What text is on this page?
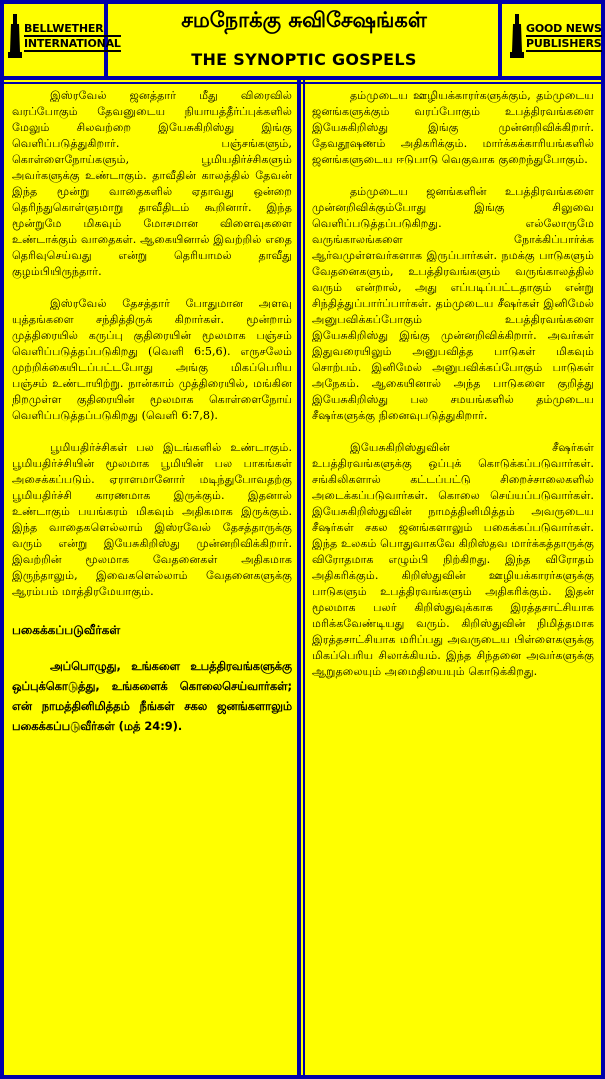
BELLWETHER
INTERNATIONAL
சமநோக்கு சுவிசேஷங்கள்
THE SYNOPTIC GOSPELS
GOOD NEWS
PUBLISHERS

இஸ்ரவேல் ஜனத்தார் மீது விரைவில் வரப்போகும் தேவனுடைய நியாயத்தீர்ப்புக்களில் மேலும் சிலவற்றை இயேசுகிறிஸ்து இங்கு வெளிப்படுத்துகிறார். பஞ்சங்களும், கொள்ளைநோய்களும், பூமியதிர்ச்சிகளும் அவர்களுக்கு உண்டாகும். தாவீதின் காலத்தில் தேவன் இந்த மூன்று வாதைகளில் ஏதாவது ஒன்றை தெரிந்துகொள்ளுமாறு தாவீதிடம் கூறினார். இந்த மூன்றுமே மிகவும் மோசமான விளைவுகளை உண்டாக்கும் வாதைகள். ஆகையினால் இவற்றில் எதை தெரிவுசெய்வது என்று தெரியாமல் தாவீது குழம்பியிருந்தார்.

இஸ்ரவேல் தேசத்தார் போதுமான அளவு யுத்தங்களை சந்தித்திருக் கிறார்கள். மூன்றாம் முத்திரையில் கருப்பு குதிரையின் மூலமாக பஞ்சம் வெளிப்படுத்தப்படுகிறது (வெளி 6:5,6). எருசலேம் முற்றிக்கையிடப்பட்டபோது அங்கு மிகப்பெரிய பஞ்சம் உண்டாயிற்று. நான்காம் முத்திரையில், மங்கின நிறமுள்ள குதிரையின் மூலமாக கொள்ளைநோய் வெளிப்படுத்தப்படுகிறது (வெளி 6:7,8).

பூமியதிர்ச்சிகள் பல இடங்களில் உண்டாகும். பூமியதிர்ச்சியின் மூலமாக பூமியின் பல பாகங்கள் அசைக்கப்படும். ஏராளமானோர் மடிந்துபோவதற்கு பூமியதிர்ச்சி காரணமாக இருக்கும். இதனால் உண்டாகும் பயங்கரம் மிகவும் அதிகமாக இருக்கும். இந்த வாதைகளெல்லாம் இஸ்ரவேல் தேசத்தாருக்கு வரும் என்று இயேசுகிறிஸ்து முன்னறிவிக்கிறார். இவற்றின் மூலமாக வேதனைகள் அதிகமாக இருந்தாலும், இவைகளெல்லாம் வேதனைகளுக்கு ஆரம்பம் மாத்திரமேயாகும்.

பகைக்கப்படுவீர்கள்
அப்பொழுது, உங்களை உபத்திரவங்களுக்கு ஒப்புக்கொடுத்து, உங்களைக் கொலைசெய்வார்கள்; என் நாமத்தினிமித்தம் நீங்கள் சகல ஜனங்களாலும் பகைக்கப்படுவீர்கள் (மத் 24:9).

தம்முடைய ஊழியக்காரர்களுக்கும், தம்முடைய ஜனங்களுக்கும் வரப்போகும் உபத்திரவங்களை இயேசுகிறிஸ்து இங்கு முன்னறிவிக்கிறார். தேவதூஷணம் அதிகரிக்கும். மார்க்கக்காரியங்களில் ஜனங்களுடைய ஈடுபாடு வெகுவாக குறைந்துபோகும்.

தம்முடைய ஜனங்களின் உபத்திரவங்களை முன்னறிவிக்கும்போது இங்கு சிலுவை வெளிப்படுத்தப்படுகிறது. எல்லோருமே வருங்காலங்களை நோக்கிப்பார்க்க ஆர்வமுள்ளவர்களாக இருப்பார்கள். நமக்கு பாடுகளும் வேதனைகளும், உபத்திரவங்களும் வருங்காலத்தில் வரும் என்றால், அது எப்படிப்பட்டதாகும் என்று சிந்தித்துப்பார்ப்பார்கள். தம்முடைய சீஷர்கள் இனிமேல் அனுபவிக்கப்போகும் உபத்திரவங்களை இயேசுகிறிஸ்து இங்கு முன்னறிவிக்கிறார். அவர்கள் இதுவரையிலும் அனுபவித்த பாடுகள் மிகவும் சொற்பம். இனிமேல் அனுபவிக்கப்போகும் பாடுகள் அநேகம். ஆகையினால் அந்த பாடுகளை குறித்து இயேசுகிறிஸ்து பல சமயங்களில் தம்முடைய சீஷர்களுக்கு நினைவுபடுத்துகிறார்.

இயேசுகிறிஸ்துவின் சீஷர்கள் உபத்திரவங்களுக்கு ஒப்புக் கொடுக்கப்படுவார்கள். சங்கிலிகளால் கட்டப்பட்டு சிறைச்சாலைகளில் அடைக்கப்படுவார்கள். கொலை செய்யப்படுவார்கள். இயேசுகிறிஸ்துவின் நாமத்தினிமித்தம் அவருடைய சீஷர்கள் சகல ஜனங்களாலும் பகைக்கப்படுவார்கள். இந்த உலகம் பொதுவாகவே கிறிஸ்தவ மார்க்கத்தாருக்கு விரோதமாக எழும்பி நிற்கிறது. இந்த விரோதம் அதிகரிக்கும். கிறிஸ்துவின் ஊழியக்காரர்களுக்கு பாடுகளும் உபத்திரவங்களும் அதிகரிக்கும். இதன் மூலமாக பலர் கிறிஸ்துவுக்காக இரத்தசாட்சியாக மரிக்கவேண்டியது வரும். கிறிஸ்துவின் நிமித்தமாக இரத்தசாட்சியாக மரிப்பது அவருடைய பிள்ளைகளுக்கு மிகப்பெரிய சிலாக்கியம். இந்த சிந்தனை அவர்களுக்கு ஆறுதலையும் அமைதியையும் கொடுக்கிறது.
